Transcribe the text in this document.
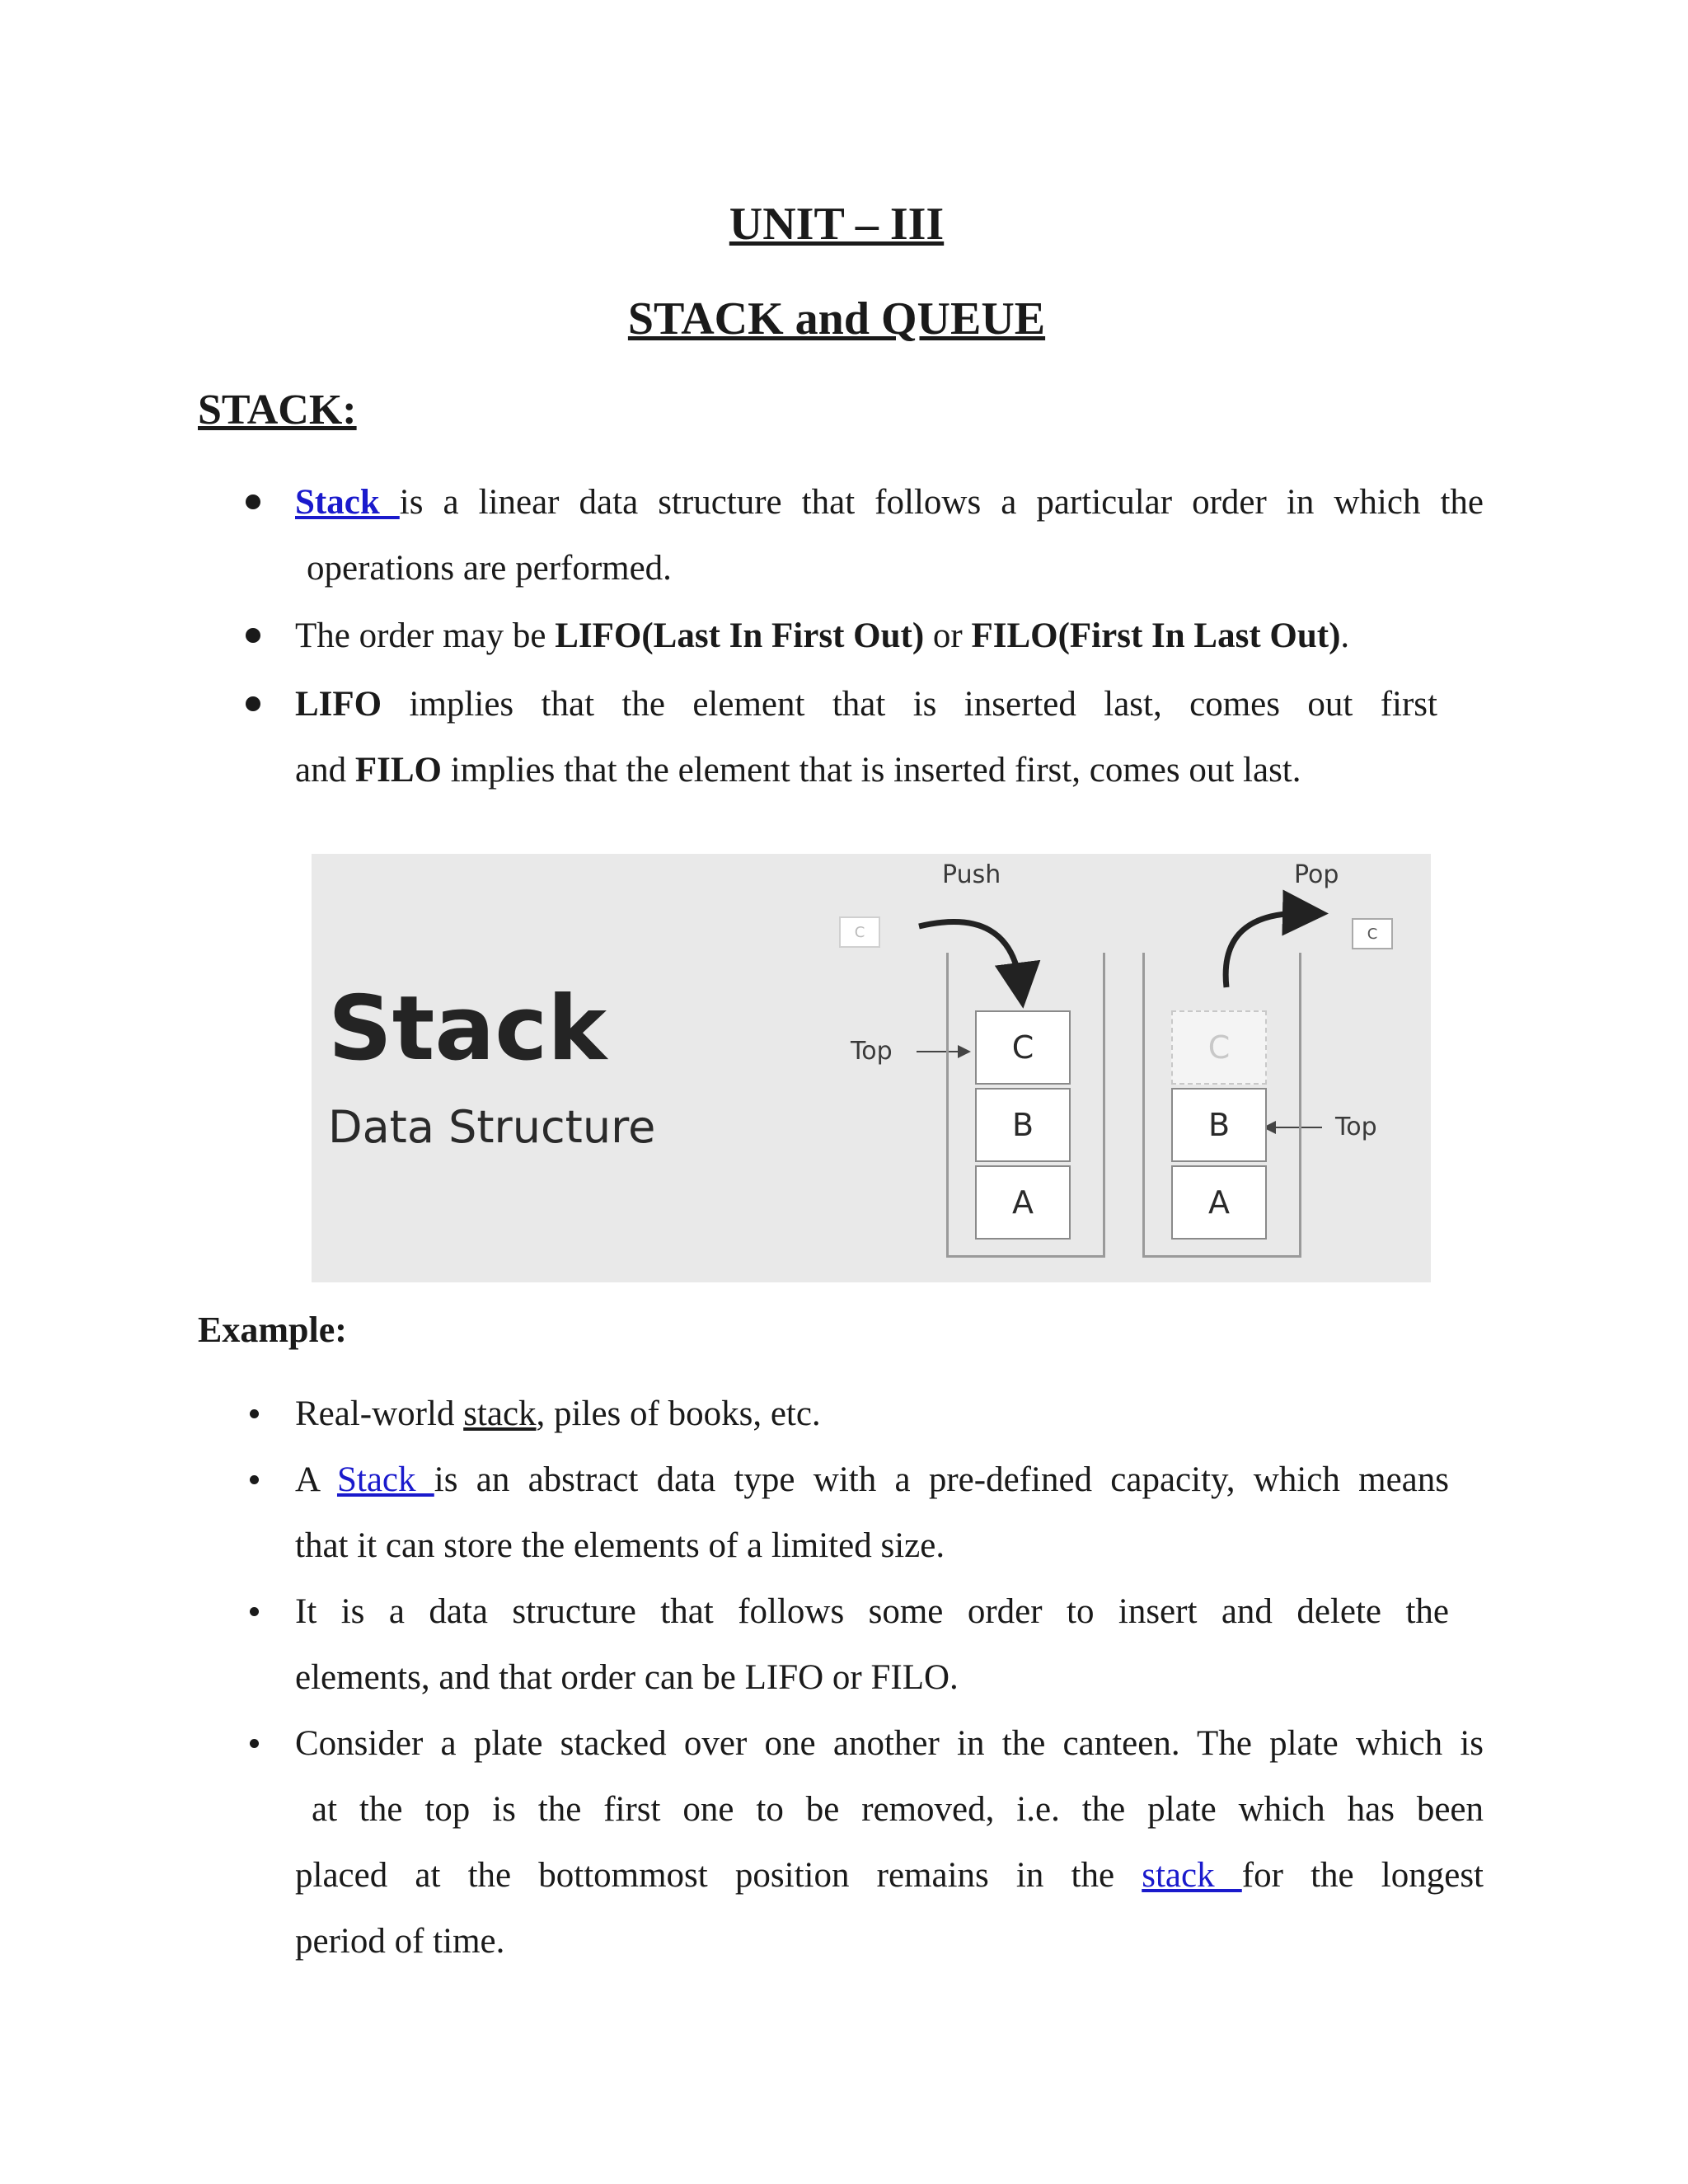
UNIT – III
STACK and QUEUE
STACK:
Stack is a linear data structure that follows a particular order in which the
operations are performed.
The order may be LIFO(Last In First Out) or FILO(First In Last Out).
LIFO implies that the element that is inserted last, comes out first
and FILO implies that the element that is inserted first, comes out last.
Stack
Data Structure
Push	Pop
C	C
Top
Top
C
B
A
C
B
A
Example:
Real-world stack, piles of books, etc.
A Stack is an abstract data type with a pre-defined capacity, which means
that it can store the elements of a limited size.
It is a data structure that follows some order to insert and delete the
elements, and that order can be LIFO or FILO.
Consider a plate stacked over one another in the canteen. The plate which is
at the top is the first one to be removed, i.e. the plate which has been
placed at the bottommost position remains in the stack for the longest
period of time.
